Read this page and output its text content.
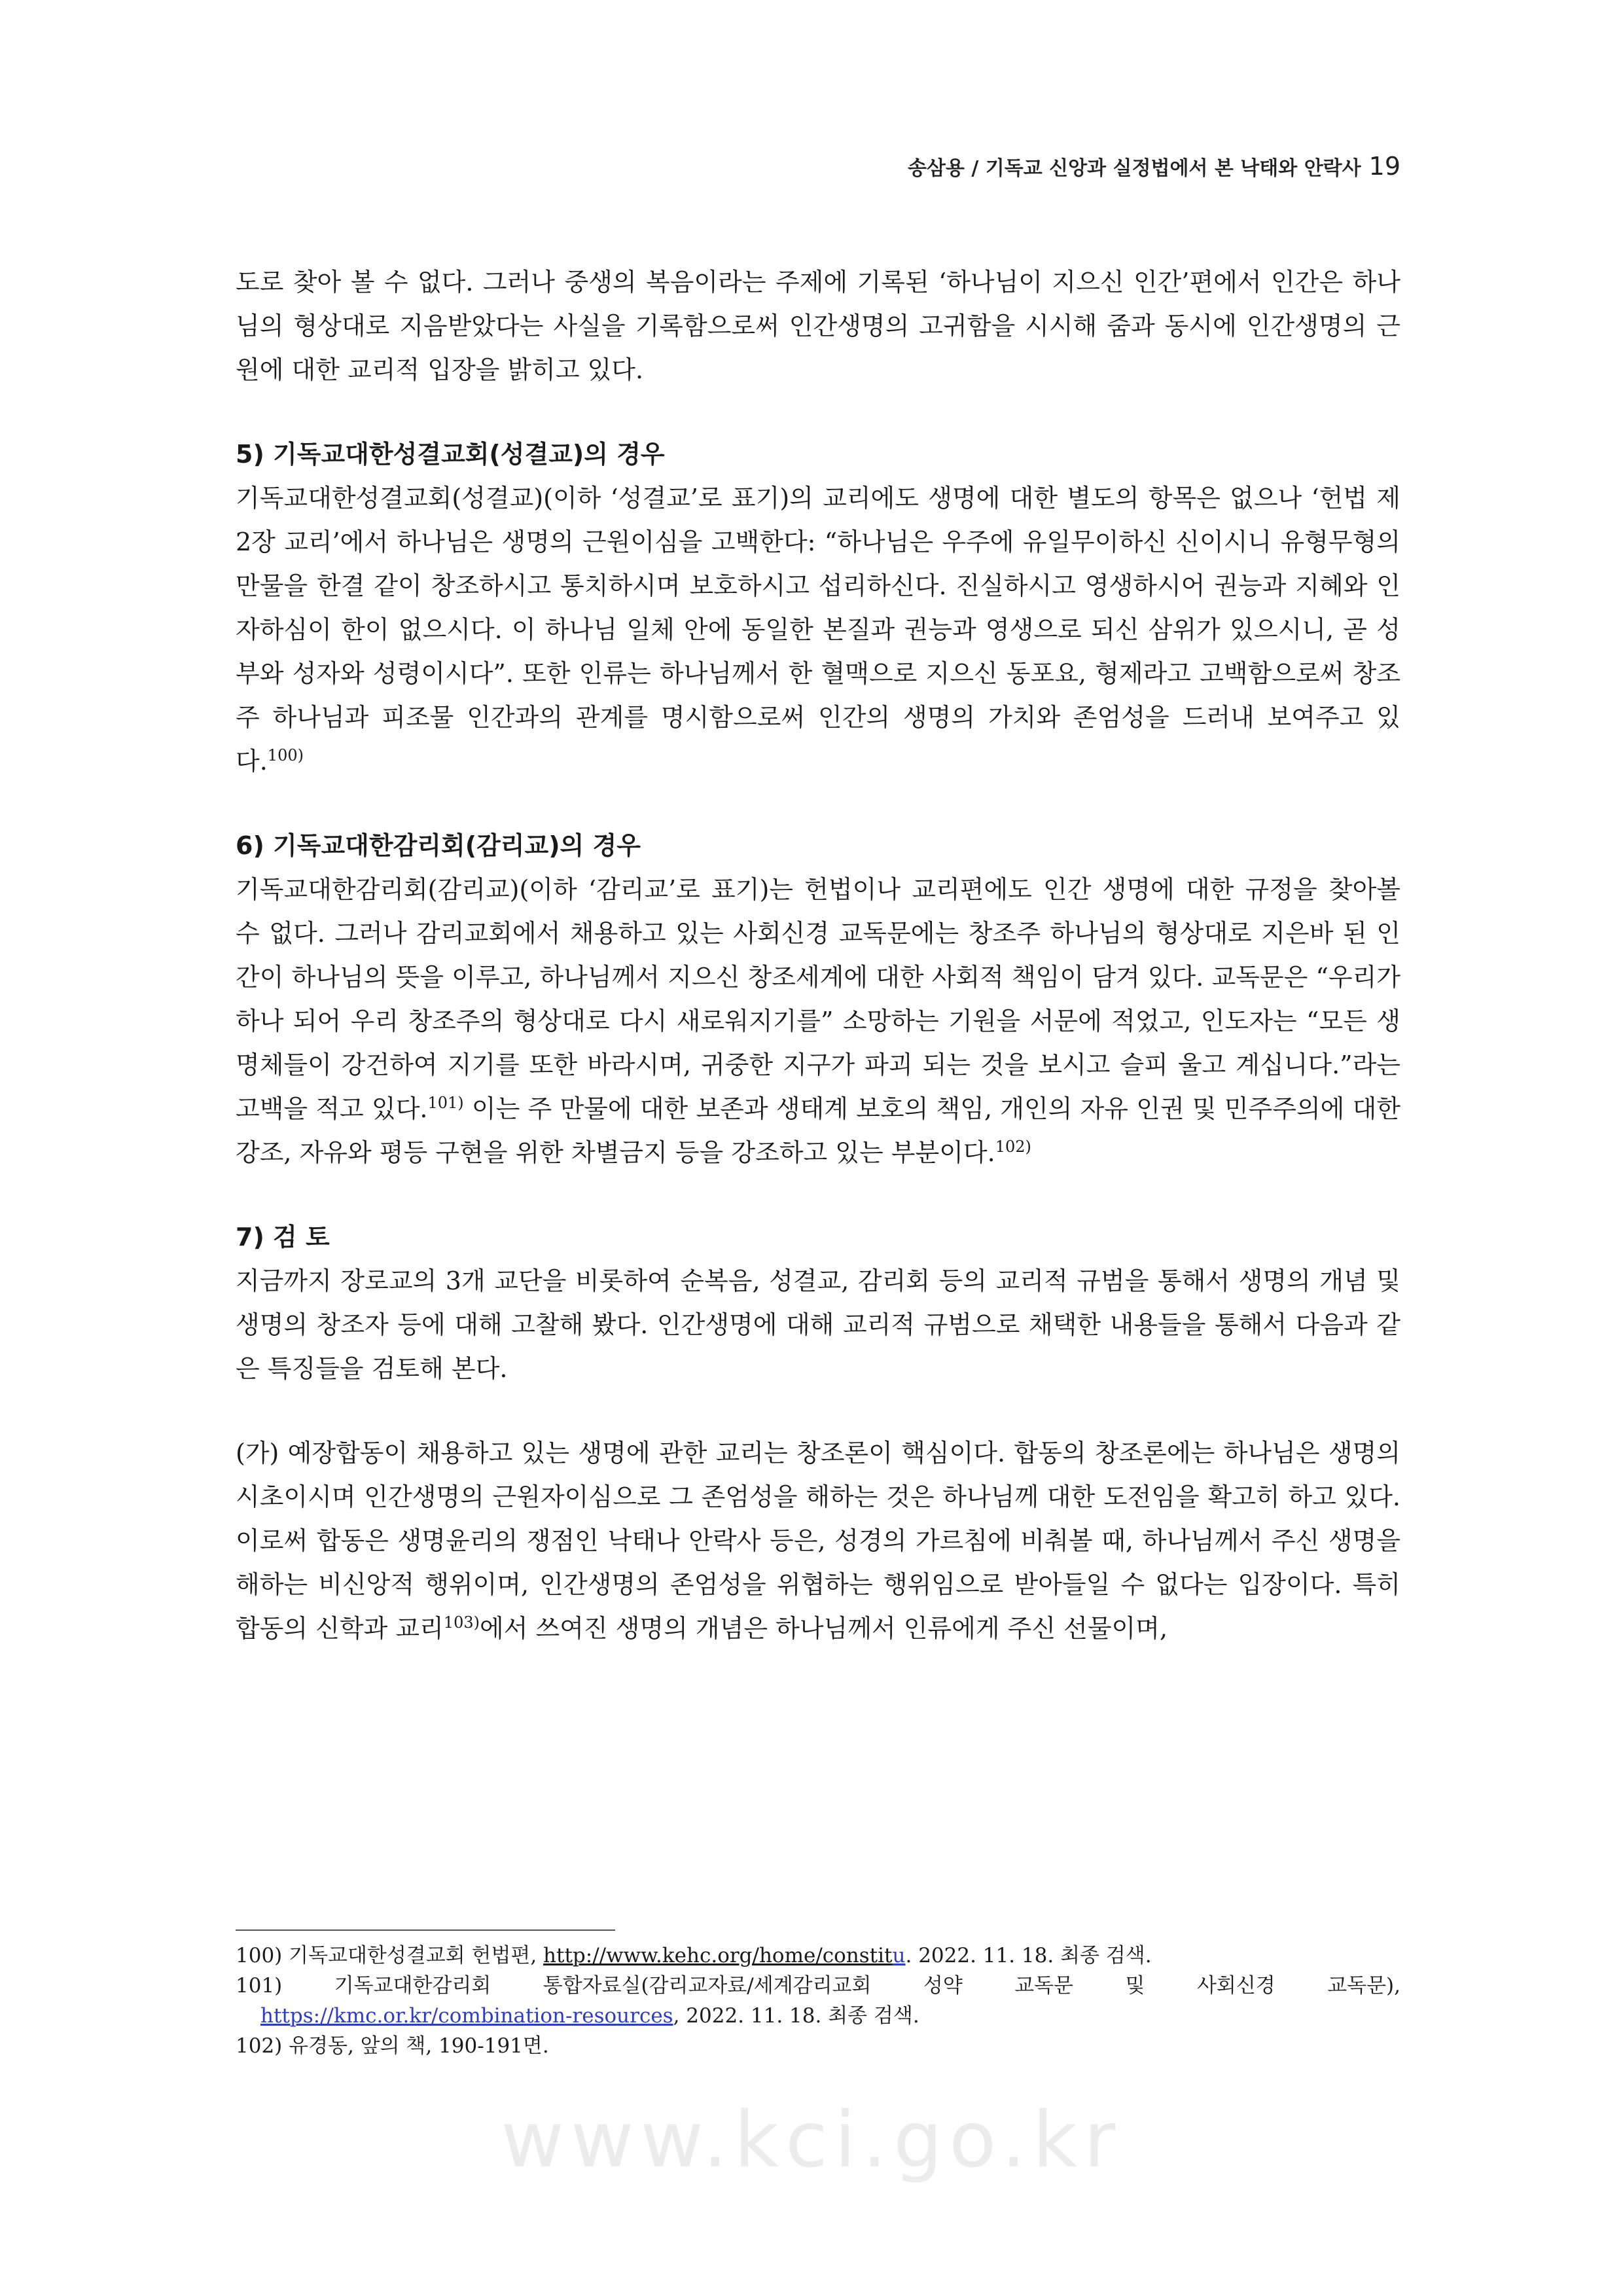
송삼용 / 기독교 신앙과 실정법에서 본 낙태와 안락사 19

도로 찾아 볼 수 없다. 그러나 중생의 복음이라는 주제에 기록된 ‘하나님이 지으신 인간’편에서 인간은 하나님의 형상대로 지음받았다는 사실을 기록함으로써 인간생명의 고귀함을 시시해 줌과 동시에 인간생명의 근원에 대한 교리적 입장을 밝히고 있다.

5) 기독교대한성결교회(성결교)의 경우

기독교대한성결교회(성결교)(이하 ‘성결교’로 표기)의 교리에도 생명에 대한 별도의 항목은 없으나 ‘헌법 제2장 교리’에서 하나님은 생명의 근원이심을 고백한다: “하나님은 우주에 유일무이하신 신이시니 유형무형의 만물을 한결 같이 창조하시고 통치하시며 보호하시고 섭리하신다. 진실하시고 영생하시어 권능과 지혜와 인자하심이 한이 없으시다. 이 하나님 일체 안에 동일한 본질과 권능과 영생으로 되신 삼위가 있으시니, 곧 성부와 성자와 성령이시다”. 또한 인류는 하나님께서 한 혈맥으로 지으신 동포요, 형제라고 고백함으로써 창조주 하나님과 피조물 인간과의 관계를 명시함으로써 인간의 생명의 가치와 존엄성을 드러내 보여주고 있다.$^{100)}$

6) 기독교대한감리회(감리교)의 경우

기독교대한감리회(감리교)(이하 ‘감리교’로 표기)는 헌법이나 교리편에도 인간 생명에 대한 규정을 찾아볼 수 없다. 그러나 감리교회에서 채용하고 있는 사회신경 교독문에는 창조주 하나님의 형상대로 지은바 된 인간이 하나님의 뜻을 이루고, 하나님께서 지으신 창조세계에 대한 사회적 책임이 담겨 있다. 교독문은 “우리가 하나 되어 우리 창조주의 형상대로 다시 새로워지기를” 소망하는 기원을 서문에 적었고, 인도자는 “모든 생명체들이 강건하여 지기를 또한 바라시며, 귀중한 지구가 파괴 되는 것을 보시고 슬피 울고 계십니다.”라는 고백을 적고 있다.$^{101)}$ 이는 주 만물에 대한 보존과 생태계 보호의 책임, 개인의 자유 인권 및 민주주의에 대한 강조, 자유와 평등 구현을 위한 차별금지 등을 강조하고 있는 부분이다.$^{102)}$

7) 검 토

지금까지 장로교의 3개 교단을 비롯하여 순복음, 성결교, 감리회 등의 교리적 규범을 통해서 생명의 개념 및 생명의 창조자 등에 대해 고찰해 봤다. 인간생명에 대해 교리적 규범으로 채택한 내용들을 통해서 다음과 같은 특징들을 검토해 본다.

(가) 예장합동이 채용하고 있는 생명에 관한 교리는 창조론이 핵심이다. 합동의 창조론에는 하나님은 생명의 시초이시며 인간생명의 근원자이심으로 그 존엄성을 해하는 것은 하나님께 대한 도전임을 확고히 하고 있다. 이로써 합동은 생명윤리의 쟁점인 낙태나 안락사 등은, 성경의 가르침에 비춰볼 때, 하나님께서 주신 생명을 해하는 비신앙적 행위이며, 인간생명의 존엄성을 위협하는 행위임으로 받아들일 수 없다는 입장이다. 특히 합동의 신학과 교리$^{103)}$에서 쓰여진 생명의 개념은 하나님께서 인류에게 주신 선물이며,

100) 기독교대한성결교회 헌법편, http://www.kehc.org/home/constitu. 2022. 11. 18. 최종 검색.

101)	기독교대한감리회	통합자료실(감리교자료/세계감리교회	성약	교독문	및	사회신경	교독문),

https://kmc.or.kr/combination-resources, 2022. 11. 18. 최종 검색.

102) 유경동, 앞의 책, 190-191면.

www.kci.go.kr
